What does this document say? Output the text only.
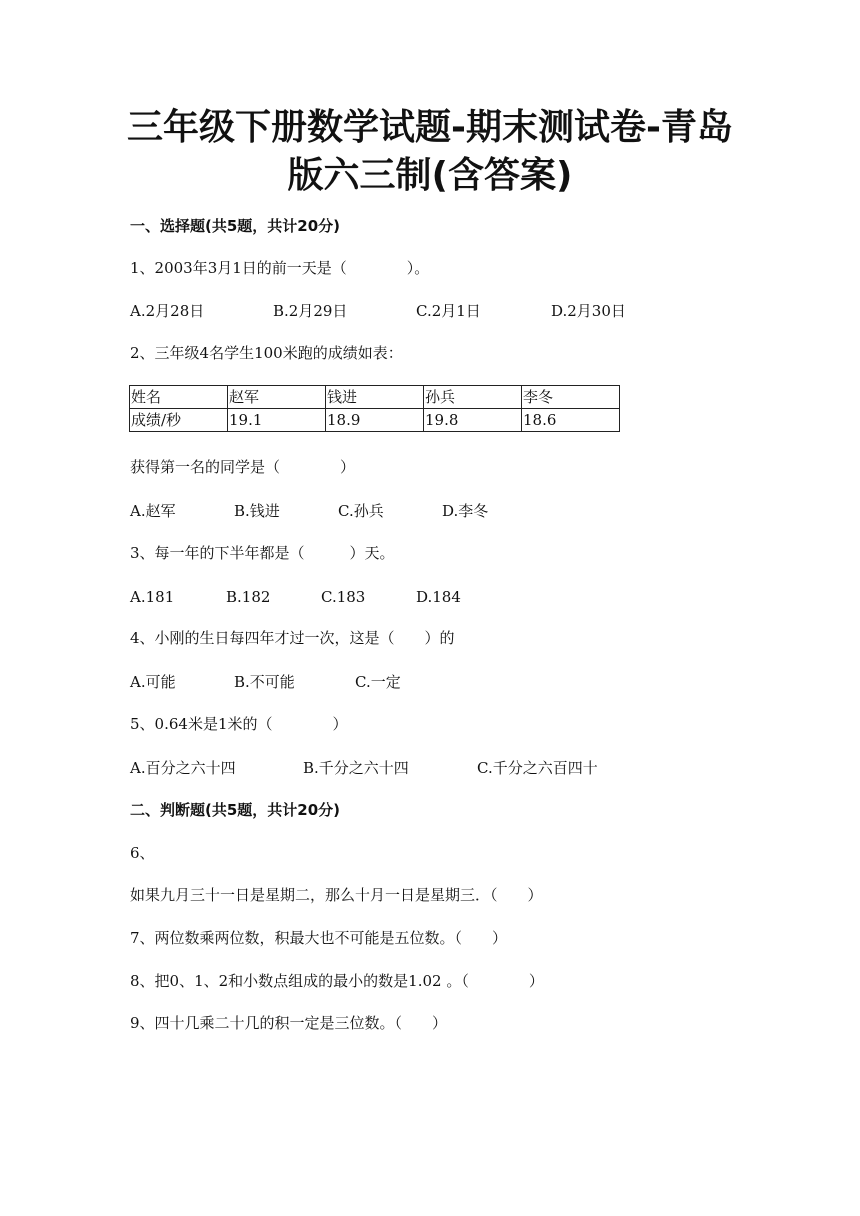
三年级下册数学试题-期末测试卷-青岛
版六三制(含答案)

一、选择题(共5题，共计20分)

1、2003年3月1日的前一天是（　　　　）。

A.2月28日	B.2月29日	C.2月1日	D.2月30日

2、三年级4名学生100米跑的成绩如表：

姓名	赵军	钱进	孙兵	李冬
成绩/秒	19.1	18.9	19.8	18.6

获得第一名的同学是（　　　　）

A.赵军	B.钱进	C.孙兵	D.李冬

3、每一年的下半年都是（　　　）天。

A.181	B.182	C.183	D.184

4、小刚的生日每四年才过一次，这是（　　）的

A.可能	B.不可能	C.一定

5、0.64米是1米的（　　　　）

A.百分之六十四	B.千分之六十四	C.千分之六百四十

二、判断题(共5题，共计20分)

6、

如果九月三十一日是星期二，那么十月一日是星期三．（　　）

7、两位数乘两位数，积最大也不可能是五位数。（　　）

8、把0、1、2和小数点组成的最小的数是1.02 。（　　　　）

9、四十几乘二十几的积一定是三位数。（　　）
